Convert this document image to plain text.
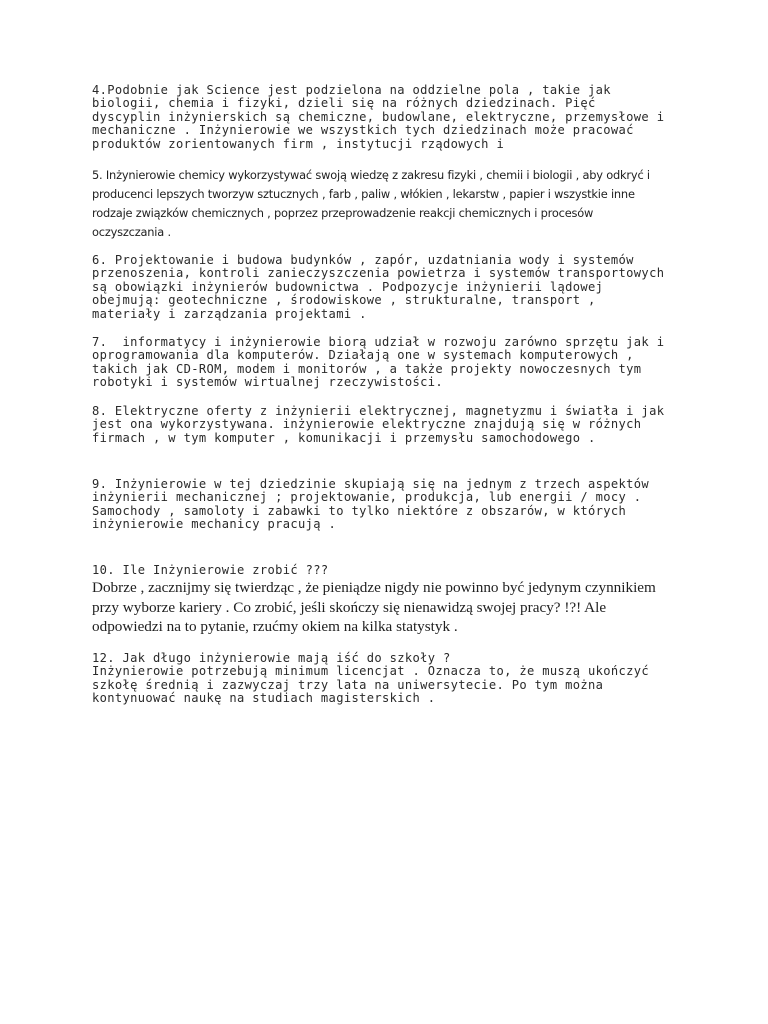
4.Podobnie jak Science jest podzielona na oddzielne pola , takie jak
biologii, chemia i fizyki, dzieli się na różnych dziedzinach. Pięć
dyscyplin inżynierskich są chemiczne, budowlane, elektryczne, przemysłowe i
mechaniczne . Inżynierowie we wszystkich tych dziedzinach może pracować
produktów zorientowanych firm , instytucji rządowych i

5. Inżynierowie chemicy wykorzystywać swoją wiedzę z zakresu fizyki , chemii i biologii , aby odkryć i
producenci lepszych tworzyw sztucznych , farb , paliw , włókien , lekarstw , papier i wszystkie inne
rodzaje związków chemicznych , poprzez przeprowadzenie reakcji chemicznych i procesów
oczyszczania .

6. Projektowanie i budowa budynków , zapór, uzdatniania wody i systemów
przenoszenia, kontroli zanieczyszczenia powietrza i systemów transportowych
są obowiązki inżynierów budownictwa . Podpozycje inżynierii lądowej
obejmują: geotechniczne , środowiskowe , strukturalne, transport ,
materiały i zarządzania projektami .

7.  informatycy i inżynierowie biorą udział w rozwoju zarówno sprzętu jak i
oprogramowania dla komputerów. Działają one w systemach komputerowych ,
takich jak CD-ROM, modem i monitorów , a także projekty nowoczesnych tym
robotyki i systemów wirtualnej rzeczywistości.

8. Elektryczne oferty z inżynierii elektrycznej, magnetyzmu i światła i jak
jest ona wykorzystywana. inżynierowie elektryczne znajdują się w różnych
firmach , w tym komputer , komunikacji i przemysłu samochodowego .

9. Inżynierowie w tej dziedzinie skupiają się na jednym z trzech aspektów
inżynierii mechanicznej ; projektowanie, produkcja, lub energii / mocy .
Samochody , samoloty i zabawki to tylko niektóre z obszarów, w których
inżynierowie mechanicy pracują .

10. Ile Inżynierowie zrobić ???
Dobrze , zacznijmy się twierdząc , że pieniądze nigdy nie powinno być jedynym czynnikiem
przy wyborze kariery . Co zrobić, jeśli skończy się nienawidzą swojej pracy? !?! Ale
odpowiedzi na to pytanie, rzućmy okiem na kilka statystyk .
12. Jak długo inżynierowie mają iść do szkoły ?
Inżynierowie potrzebują minimum licencjat . Oznacza to, że muszą ukończyć
szkołę średnią i zazwyczaj trzy lata na uniwersytecie. Po tym można
kontynuować naukę na studiach magisterskich .
